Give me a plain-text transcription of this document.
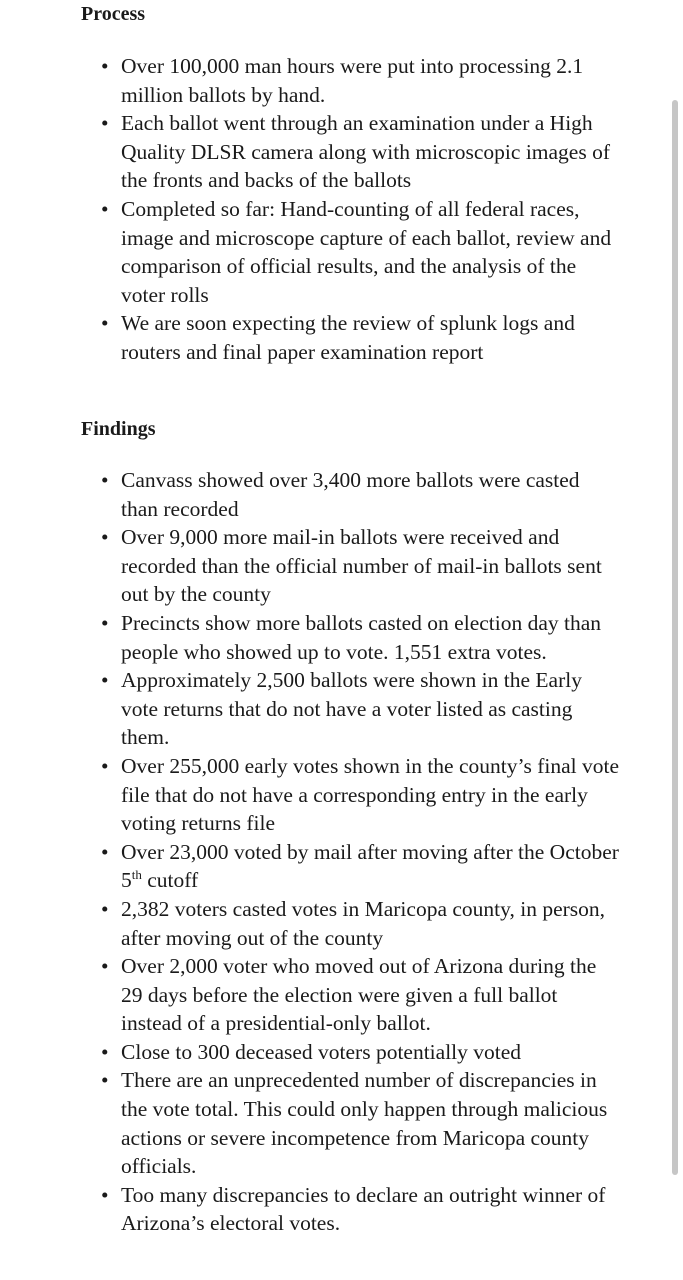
Process
• Over 100,000 man hours were put into processing 2.1 million ballots by hand.
• Each ballot went through an examination under a High Quality DLSR camera along with microscopic images of the fronts and backs of the ballots
• Completed so far: Hand-counting of all federal races, image and microscope capture of each ballot, review and comparison of official results, and the analysis of the voter rolls
• We are soon expecting the review of splunk logs and routers and final paper examination report
Findings
• Canvass showed over 3,400 more ballots were casted than recorded
• Over 9,000 more mail-in ballots were received and recorded than the official number of mail-in ballots sent out by the county
• Precincts show more ballots casted on election day than people who showed up to vote. 1,551 extra votes.
• Approximately 2,500 ballots were shown in the Early vote returns that do not have a voter listed as casting them.
• Over 255,000 early votes shown in the county’s final vote file that do not have a corresponding entry in the early voting returns file
• Over 23,000 voted by mail after moving after the October 5th cutoff
• 2,382 voters casted votes in Maricopa county, in person, after moving out of the county
• Over 2,000 voter who moved out of Arizona during the 29 days before the election were given a full ballot instead of a presidential-only ballot.
• Close to 300 deceased voters potentially voted
• There are an unprecedented number of discrepancies in the vote total. This could only happen through malicious actions or severe incompetence from Maricopa county officials.
• Too many discrepancies to declare an outright winner of Arizona’s electoral votes.
